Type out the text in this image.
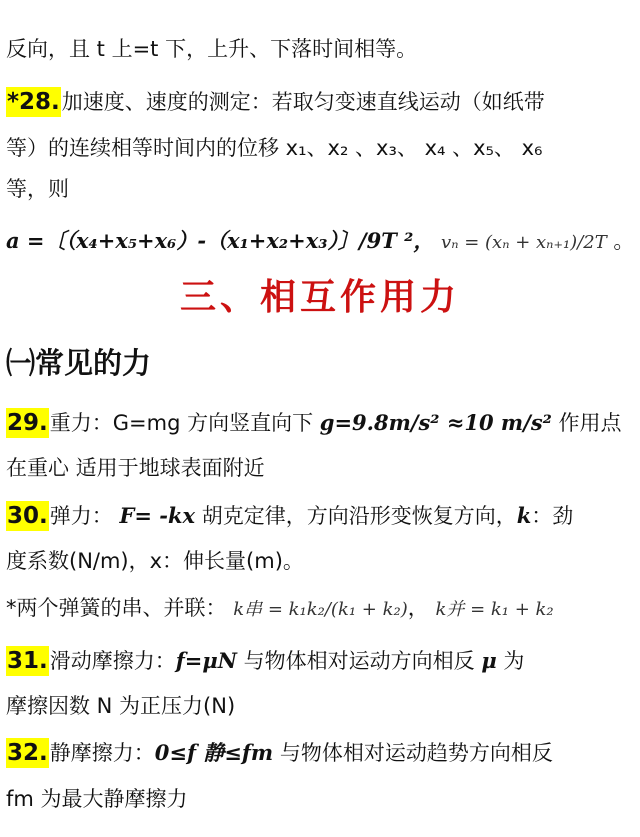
反向，且 t 上=t 下，上升、下落时间相等。
*28.加速度、速度的测定：若取匀变速直线运动（如纸带
等）的连续相等时间内的位移 x₁、x₂ 、x₃、 x₄ 、x₅、 x₆
等，则
a =〔（x₄+x₅+x₆）-（x₁+x₂+x₃）〕/9T ²， vₙ = (xₙ + xₙ₊₁)/2T 。
三、相互作用力
㈠常见的力
29.重力：G=mg 方向竖直向下 g=9.8m/s² ≈10 m/s² 作用点
在重心 适用于地球表面附近
30.弹力： F= -kx 胡克定律，方向沿形变恢复方向，k：劲
度系数(N/m)，x：伸长量(m)。
*两个弹簧的串、并联： k串 = k₁k₂/(k₁ + k₂)， k并 = k₁ + k₂
31.滑动摩擦力：f=μN 与物体相对运动方向相反 μ 为
摩擦因数 N 为正压力(N)
32.静摩擦力：0≤f 静≤fm 与物体相对运动趋势方向相反
fm 为最大静摩擦力
